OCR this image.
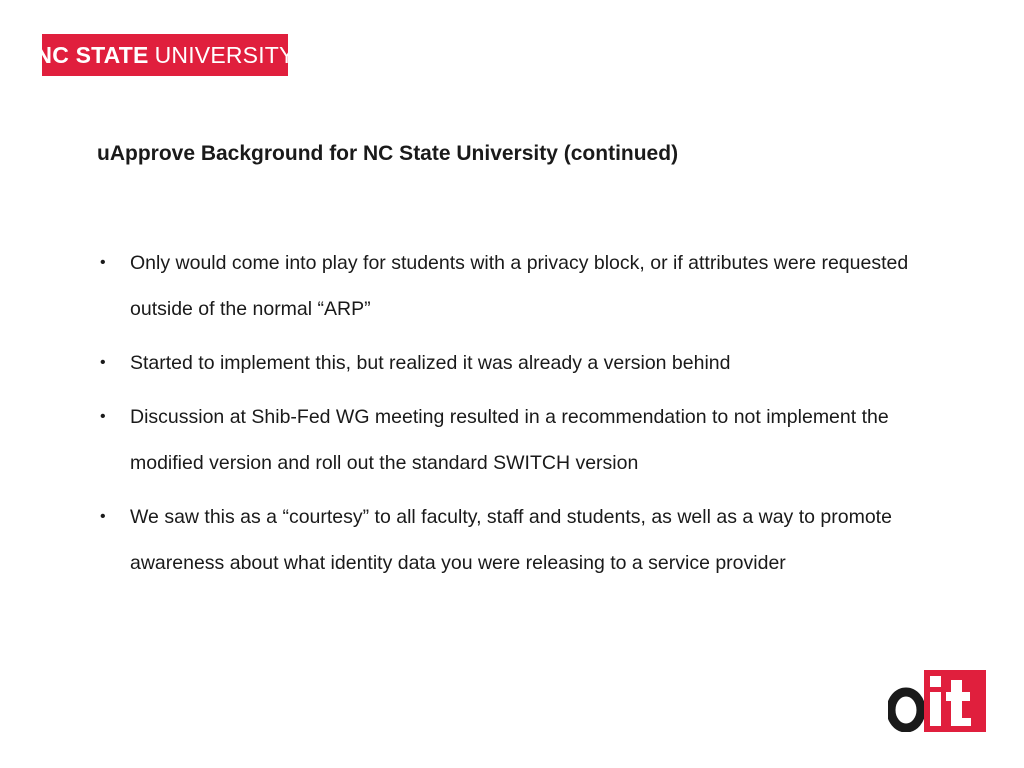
NC STATE UNIVERSITY
uApprove Background for NC State University (continued)
• Only would come into play for students with a privacy block, or if attributes were requested outside of the normal “ARP”
• Started to implement this, but realized it was already a version behind
• Discussion at Shib-Fed WG meeting resulted in a recommendation to not implement the modified version and roll out the standard SWITCH version
• We saw this as a “courtesy” to all faculty, staff and students, as well as a way to promote awareness about what identity data you were releasing to a service provider
